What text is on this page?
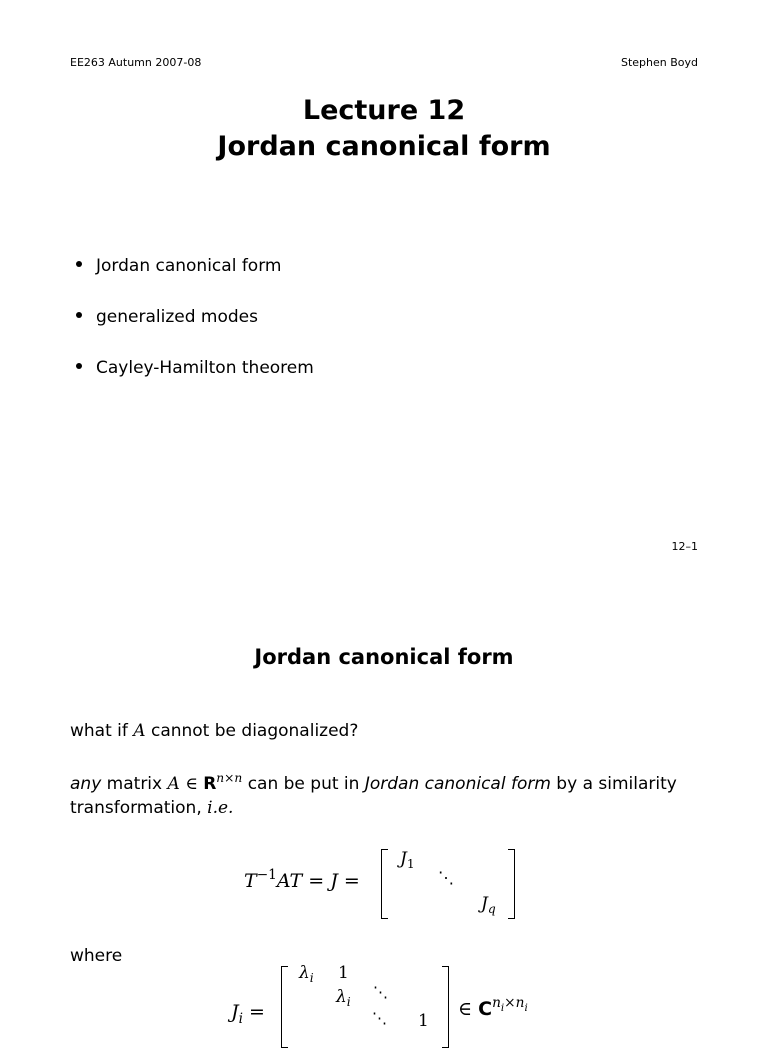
EE263 Autumn 2007-08	Stephen Boyd
Lecture 12
Jordan canonical form
Jordan canonical form
generalized modes
Cayley-Hamilton theorem
12–1
Jordan canonical form
what if A cannot be diagonalized?
any matrix A ∈ $R^{n\times n}$ can be put in Jordan canonical form by a similarity
transformation, i.e.
$T^{-1}AT = J$ =
$J_1$
⋱
$J_q$
where
$J_i$ =
$\lambda_i$ 1
$\lambda_i$
⋱
⋱ 1
∈ $C^{n_i\times n_i}$
